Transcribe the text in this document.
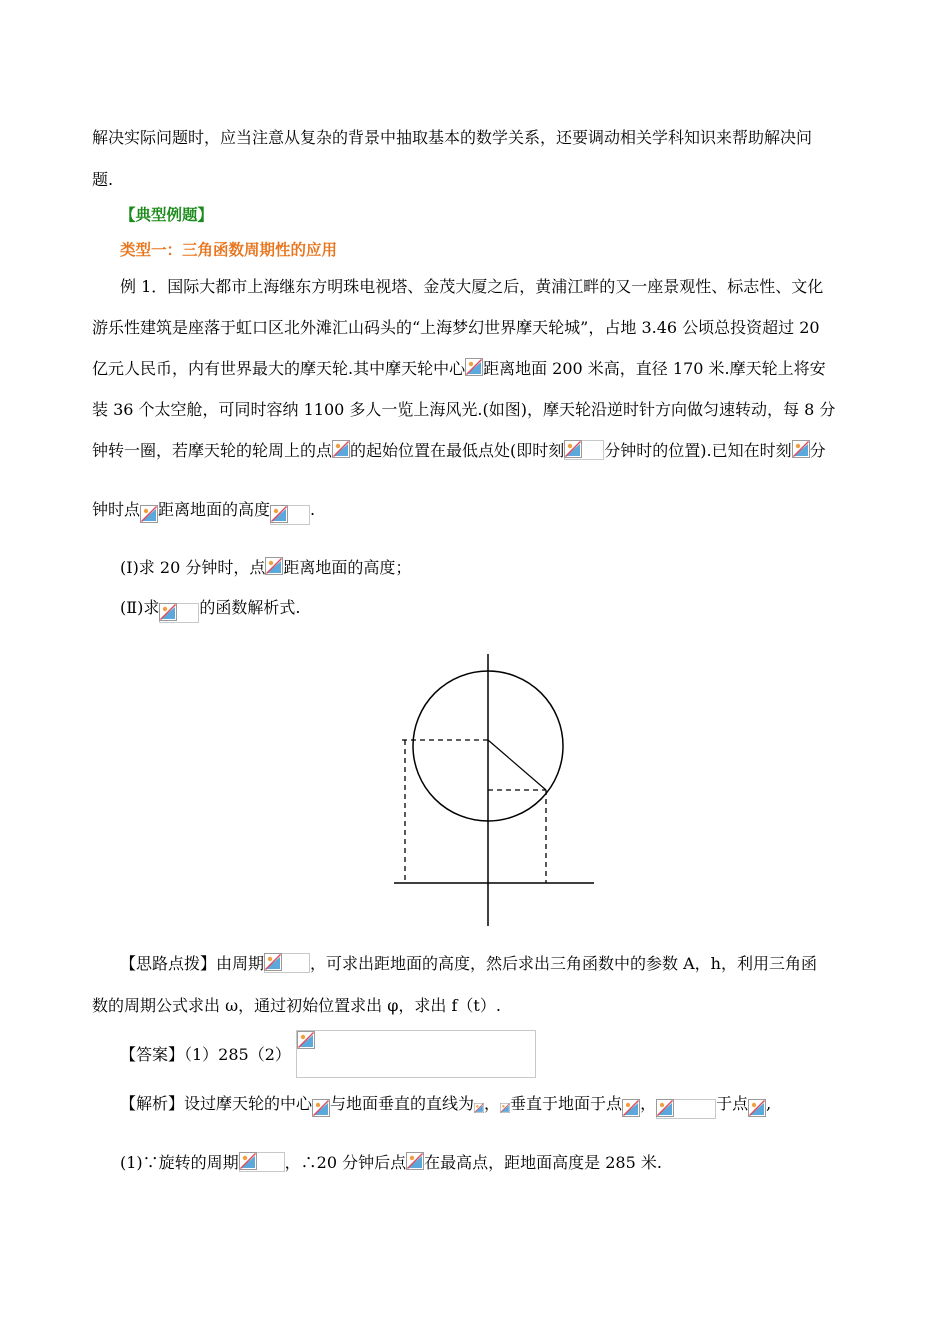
解决实际问题时，应当注意从复杂的背景中抽取基本的数学关系，还要调动相关学科知识来帮助解决问
题.
【典型例题】
类型一：三角函数周期性的应用
例 1．国际大都市上海继东方明珠电视塔、金茂大厦之后，黄浦江畔的又一座景观性、标志性、文化
游乐性建筑是座落于虹口区北外滩汇山码头的“上海梦幻世界摩天轮城”，占地 3.46 公顷总投资超过 20
亿元人民币，内有世界最大的摩天轮.其中摩天轮中心 距离地面 200 米高，直径 170 米.摩天轮上将安
装 36 个太空舱，可同时容纳 1100 多人一览上海风光.(如图)，摩天轮沿逆时针方向做匀速转动，每 8 分
钟转一圈，若摩天轮的轮周上的点 的起始位置在最低点处(即时刻	分钟时的位置).已知在时刻 分
钟时点 距离地面的高度	.
(Ⅰ)求 20 分钟时，点 距离地面的高度；
(Ⅱ)求	的函数解析式.
【思路点拨】由周期	，可求出距地面的高度，然后求出三角函数中的参数 A，h，利用三角函
数的周期公式求出 ω，通过初始位置求出 φ，求出 f（t）.
【答案】（1）285（2）
【解析】设过摩天轮的中心 与地面垂直的直线为 ， 垂直于地面于点 ，	于点 ,
(1)∵旋转的周期	，∴20 分钟后点 在最高点，距地面高度是 285 米.
